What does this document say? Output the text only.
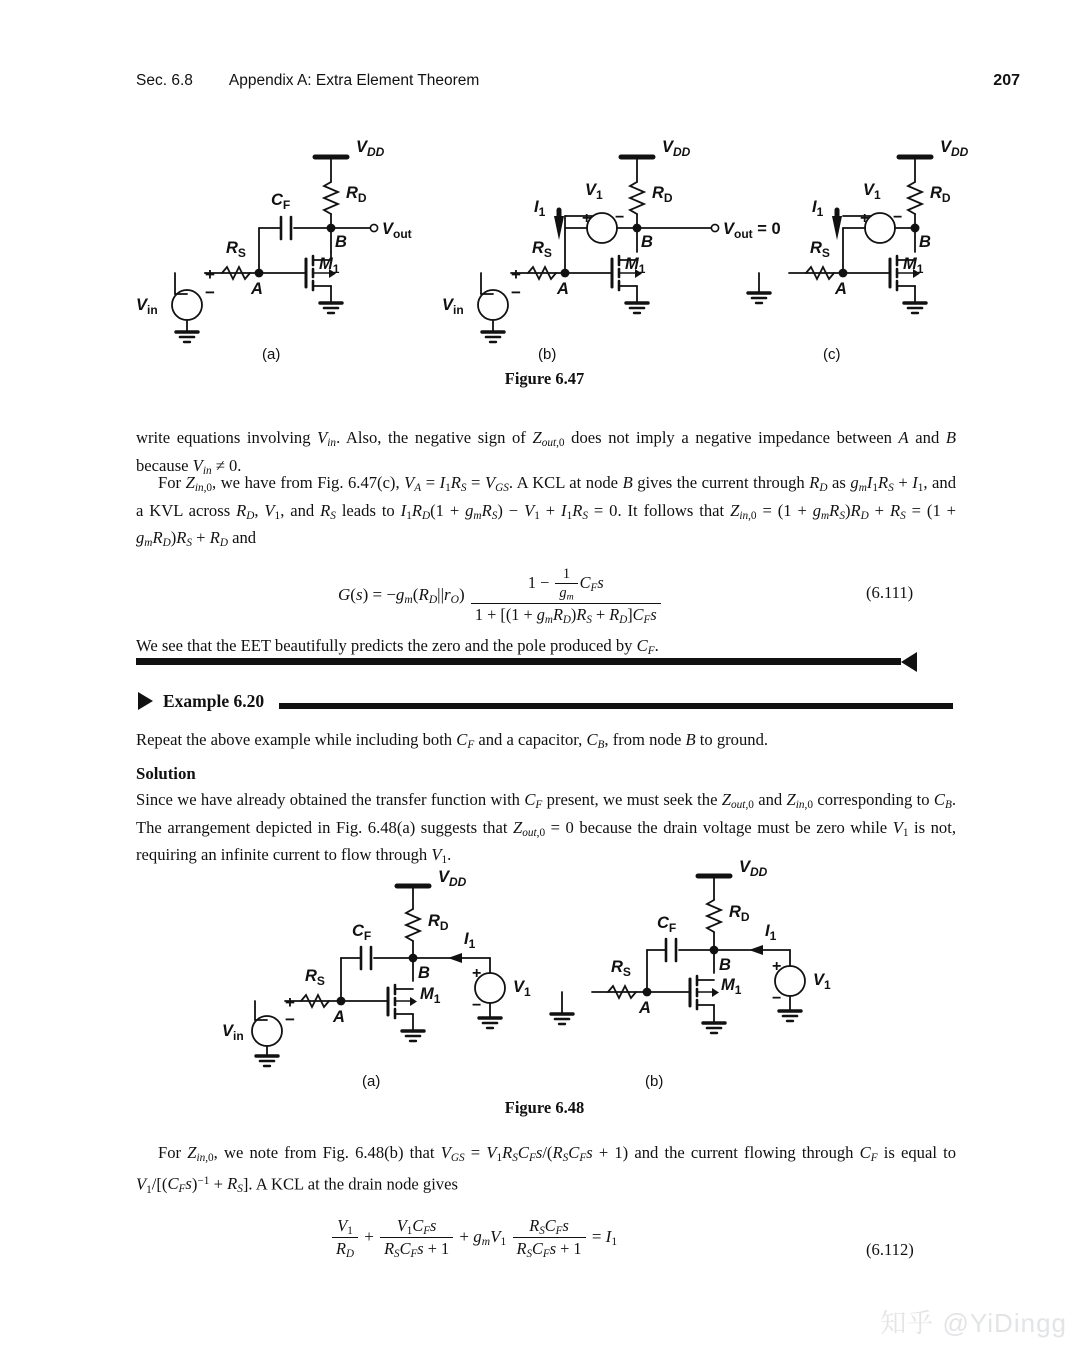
Sec. 6.8 Appendix A: Extra Element Theorem	207
$V_{DD}$
$R_D$
$C_F$
$R_S$
A
B
$M_1$
$V_{in}$
$V_{out}$
−
+
$V_{DD}$
$R_D$
$V_1$
$R_S$
A
B
$M_1$
$V_{in}$
$V_{out} = 0$
$I_1$ + −
−
+
$V_{DD}$
$R_D$
$V_1$
$R_S$
A
B
$M_1$
$I_1$ + −
(a)	(b)	(c)
Figure 6.47
write equations involving $V_{in}$. Also, the negative sign of $Z_{out},0$ does not imply a negative impedance between A and B because $V_{in} \ne 0$.
For $Z_{in},0$, we have from Fig. 6.47(c), $V_A = I1R_S = V_{GS}$. A KCL at node B gives the current through $R_D$ as $g_mI1R_S + I1$, and a KVL across $R_D$, V1, and $R_S$ leads to $I1R_D(1 + g_mR_S) - V1 + I1R_S = 0$. It follows that $Z_{in},0 = (1 + g_mR_S)R_D + R_S = (1 + g_mR_D)R_S + R_D$ and
$G(s) = -g_m(R_D||r_O) \frac{1 - \frac{1}{g_m} C_Fs}{1 + [(1 + g_mR_D)R_S + R_D]C_Fs}$	(6.111)
We see that the EET beautifully predicts the zero and the pole produced by $C_F$.
Example 6.20
Repeat the above example while including both $C_F$ and a capacitor, $C_B$, from node B to ground.
Solution
Since we have already obtained the transfer function with $C_F$ present, we must seek the $Z_{out},0$ and $Z_{in},0$ corresponding to $C_B$. The arrangement depicted in Fig. 6.48(a) suggests that $Z_{out},0 = 0$ because the drain voltage must be zero while V1 is not, requiring an infinite current to flow through V1.
$V_{DD}$
$R_D$
$C_F$
$R_S$
A
B
$M_1$
$V_{in}$
$I_1$
$V_1$
+
−
−
+
$V_{DD}$
$R_D$
$C_F$
$R_S$
A
B
$M_1$
$I_1$
$V_1$
+
−
(a)	(b)
Figure 6.48
For $Z_{in},0$, we note from Fig. 6.48(b) that $V_{GS} = V1R_SC_Fs/(R_SC_Fs + 1)$ and the current flowing through $C_F$ is equal to $V1/[(C_Fs)^{-1} + R_S]$. A KCL at the drain node gives
$\frac{V1}{R_D} + \frac{V1C_Fs}{R_SC_Fs + 1} + g_mV1 \frac{R_SC_Fs}{R_SC_Fs + 1} = I1$	(6.112)
知乎 @YiDingg
